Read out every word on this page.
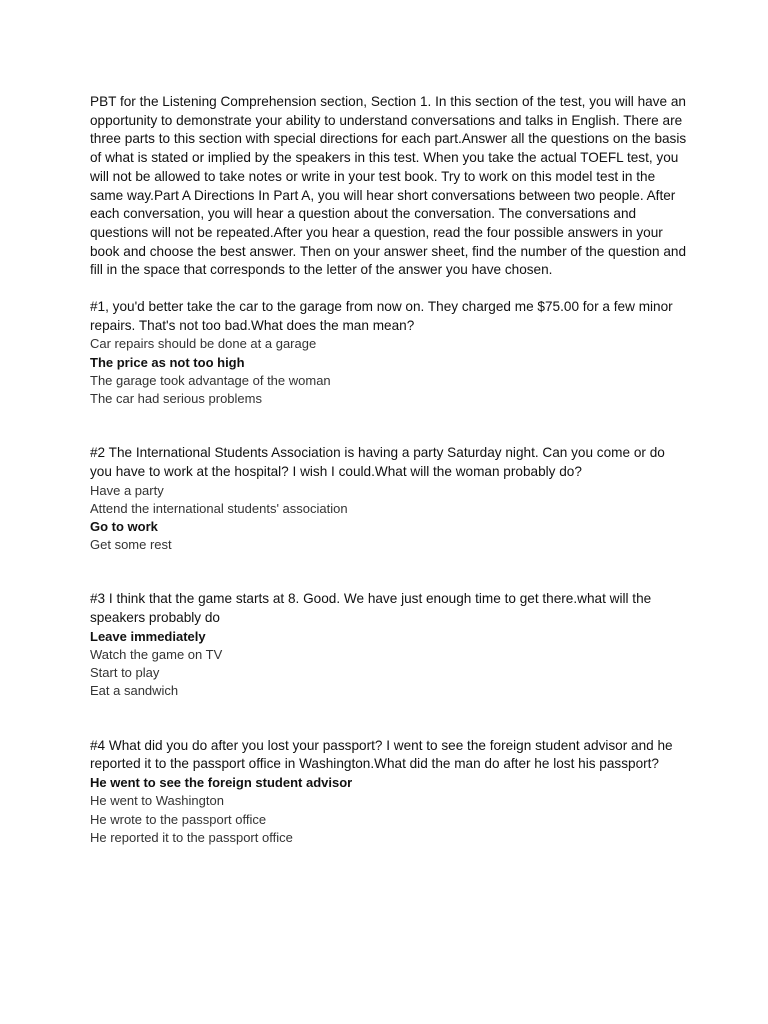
PBT for the Listening Comprehension section, Section 1. In this section of the test, you will have an opportunity to demonstrate your ability to understand conversations and talks in English. There are three parts to this section with special directions for each part.Answer all the questions on the basis of what is stated or implied by the speakers in this test. When you take the actual TOEFL test, you will not be allowed to take notes or write in your test book. Try to work on this model test in the same way.Part A Directions In Part A, you will hear short conversations between two people. After each conversation, you will hear a question about the conversation. The conversations and questions will not be repeated.After you hear a question, read the four possible answers in your book and choose the best answer. Then on your answer sheet, find the number of the question and fill in the space that corresponds to the letter of the answer you have chosen.

#1, you'd better take the car to the garage from now on. They charged me $75.00 for a few minor repairs. That's not too bad.What does the man mean?

Car repairs should be done at a garage
The price as not too high
The garage took advantage of the woman
The car had serious problems

#2 The International Students Association is having a party Saturday night. Can you come or do you have to work at the hospital? I wish I could.What will the woman probably do?

Have a party
Attend the international students' association
Go to work
Get some rest

#3 I think that the game starts at 8. Good. We have just enough time to get there.what will the speakers probably do

Leave immediately
Watch the game on TV
Start to play
Eat a sandwich

#4 What did you do after you lost your passport? I went to see the foreign student advisor and he reported it to the passport office in Washington.What did the man do after he lost his passport?

He went to see the foreign student advisor
He went to Washington
He wrote to the passport office
He reported it to the passport office
